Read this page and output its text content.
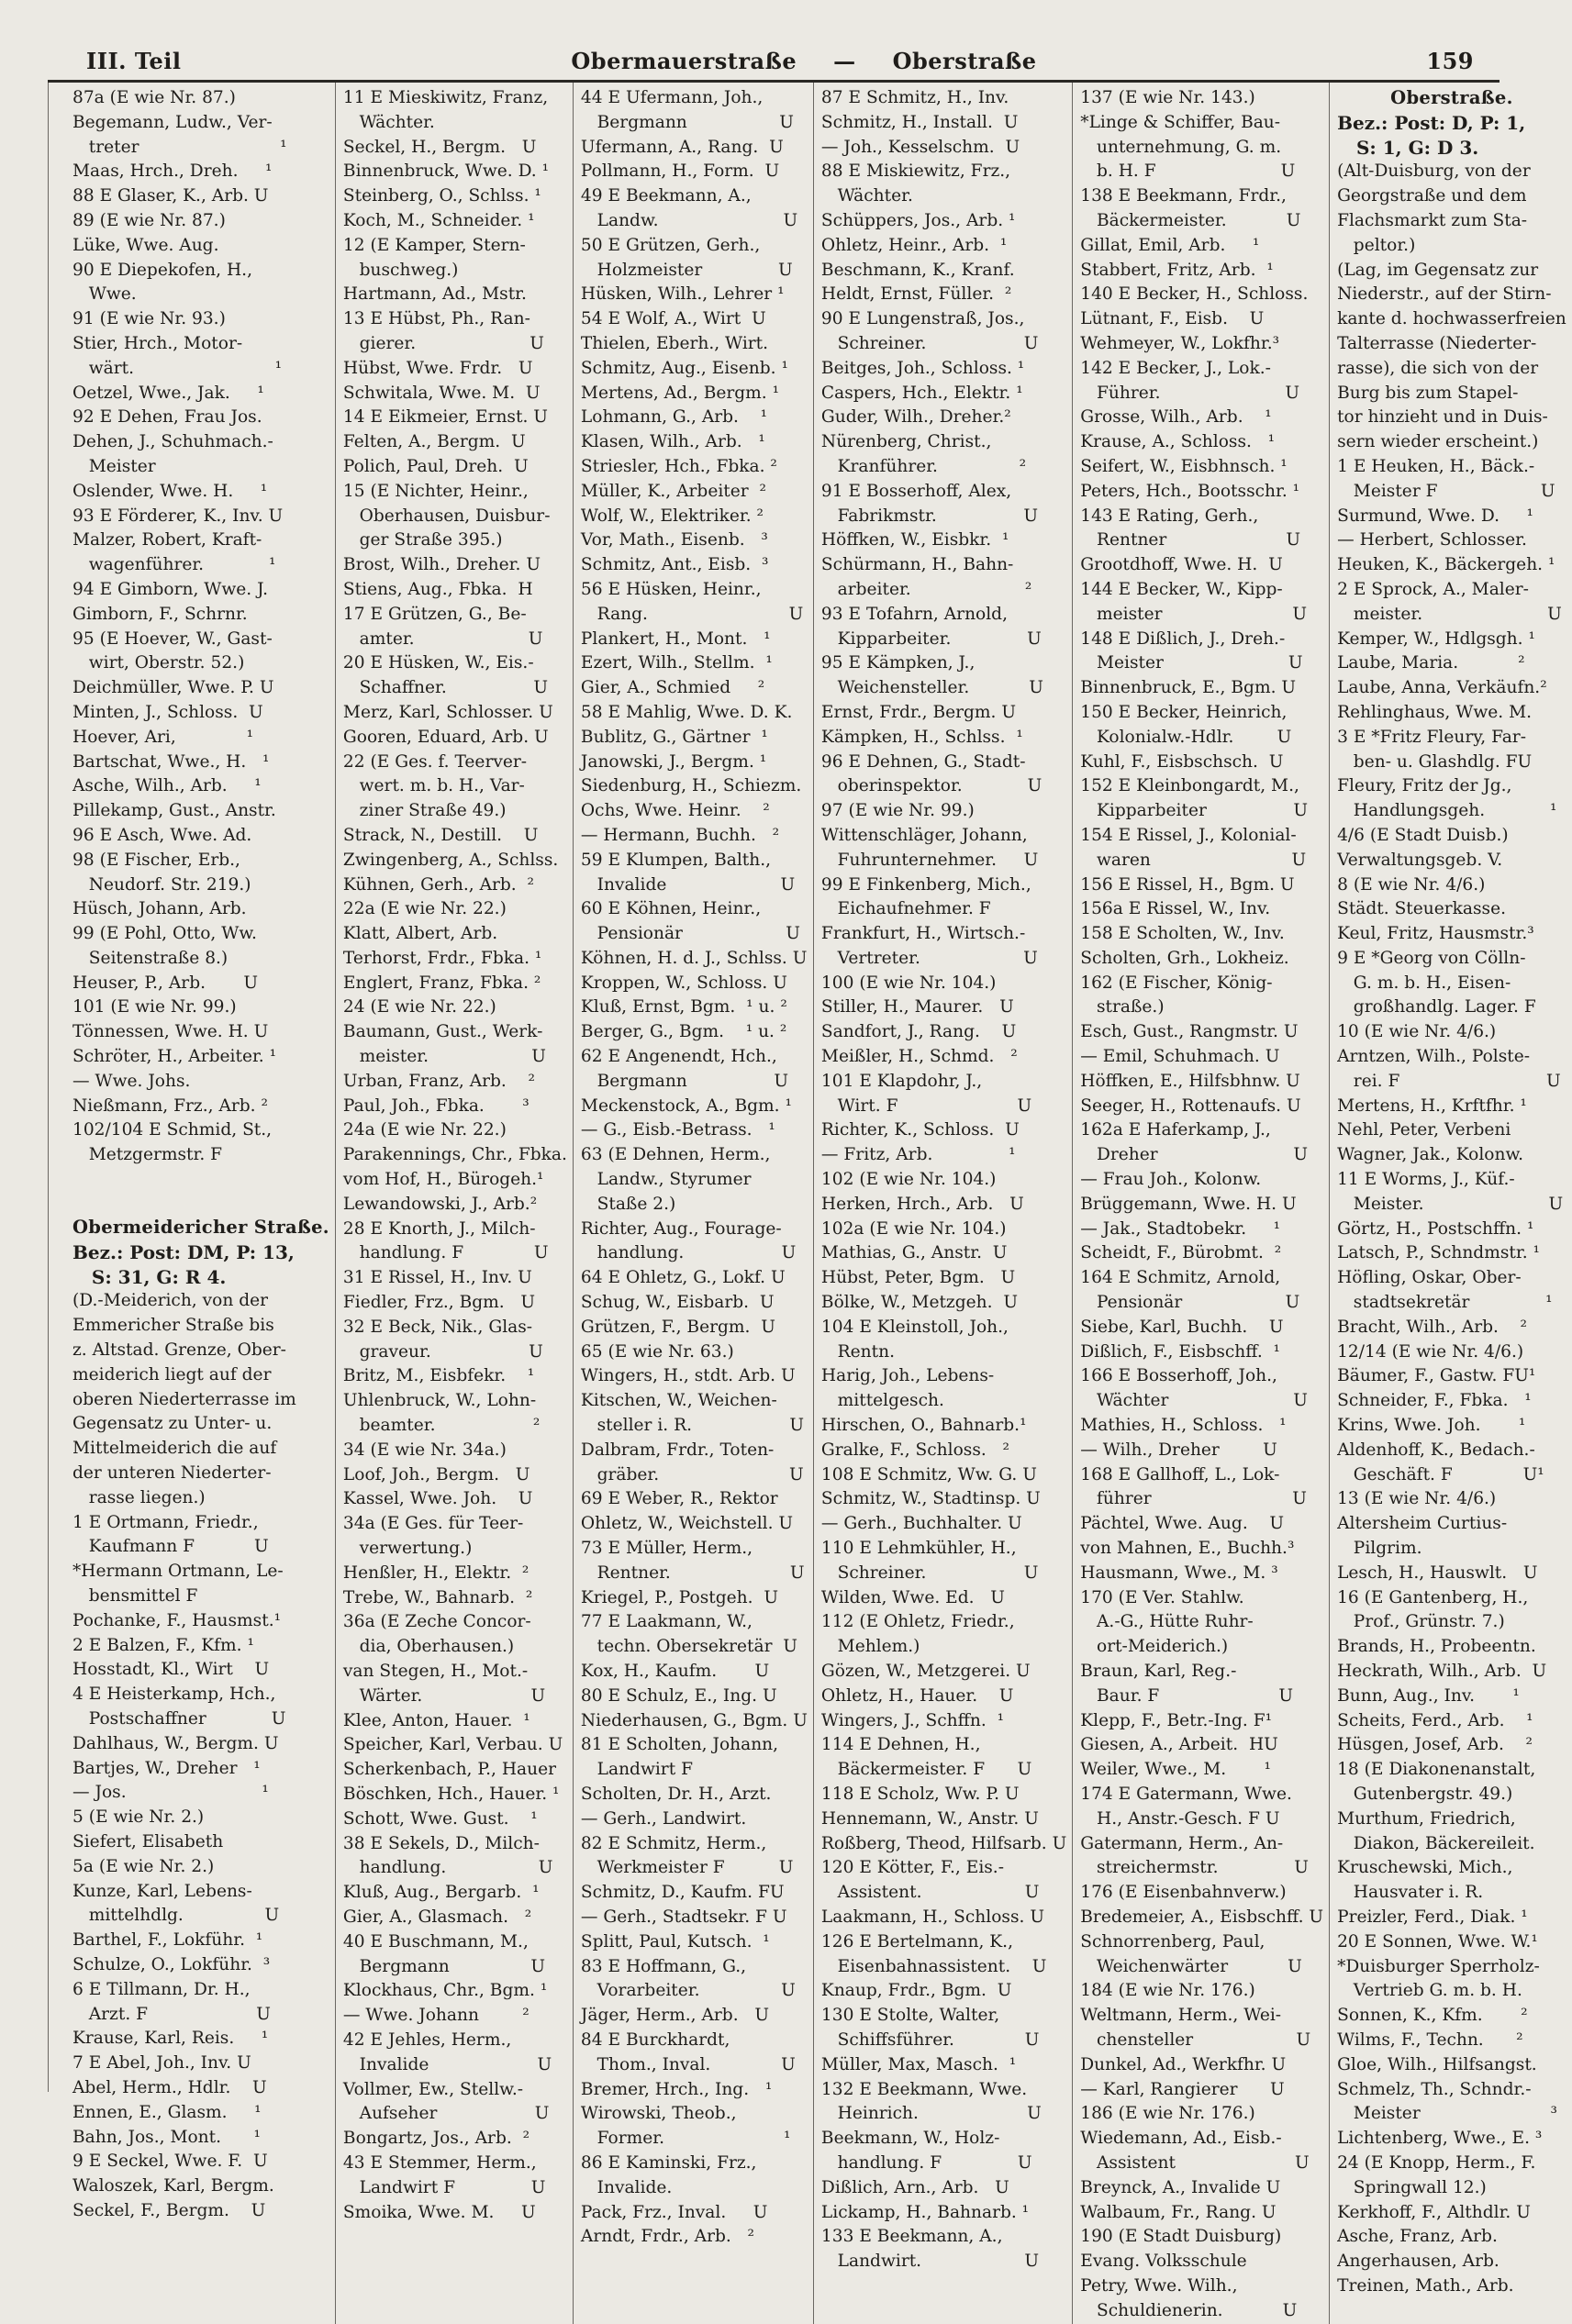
III. Teil	Obermauerstraße — Oberstraße	159
87a (E wie Nr. 87.)
Begemann, Ludw., Ver-
treter                          ¹
Maas, Hrch., Dreh.     ¹
88 E Glaser, K., Arb. U
89 (E wie Nr. 87.)
Lüke, Wwe. Aug.
90 E Diepekofen, H.,
Wwe.
91 (E wie Nr. 93.)
Stier, Hrch., Motor-
wärt.                          ¹
Oetzel, Wwe., Jak.     ¹
92 E Dehen, Frau Jos.
Dehen, J., Schuhmach.-
Meister
Oslender, Wwe. H.     ¹
93 E Förderer, K., Inv. U
Malzer, Robert, Kraft-
wagenführer.            ¹
94 E Gimborn, Wwe. J.
Gimborn, F., Schrnr.
95 (E Hoever, W., Gast-
wirt, Oberstr. 52.)
Deichmüller, Wwe. P. U
Minten, J., Schloss.  U
Hoever, Ari,             ¹
Bartschat, Wwe., H.   ¹
Asche, Wilh., Arb.     ¹
Pillekamp, Gust., Anstr.
96 E Asch, Wwe. Ad.
98 (E Fischer, Erb.,
Neudorf. Str. 219.)
Hüsch, Johann, Arb.
99 (E Pohl, Otto, Ww.
Seitenstraße 8.)
Heuser, P., Arb.       U
101 (E wie Nr. 99.)
Tönnessen, Wwe. H. U
Schröter, H., Arbeiter. ¹
— Wwe. Johs.
Nießmann, Frz., Arb. ²
102/104 E Schmid, St.,
Metzgermstr. F
Obermeidericher Straße.
Bez.: Post: DM, P: 13,
S: 31, G: R 4.
(D.-Meiderich, von der
Emmericher Straße bis
z. Altstad. Grenze, Ober-
meiderich liegt auf der
oberen Niederterrasse im
Gegensatz zu Unter- u.
Mittelmeiderich die auf
der unteren Niederter-
rasse liegen.)
1 E Ortmann, Friedr.,
Kaufmann F           U
*Hermann Ortmann, Le-
bensmittel F
Pochanke, F., Hausmst.¹
2 E Balzen, F., Kfm. ¹
Hosstadt, Kl., Wirt    U
4 E Heisterkamp, Hch.,
Postschaffner            U
Dahlhaus, W., Bergm. U
Bartjes, W., Dreher   ¹
— Jos.                         ¹
5 (E wie Nr. 2.)
Siefert, Elisabeth
5a (E wie Nr. 2.)
Kunze, Karl, Lebens-
mittelhdlg.               U
Barthel, F., Lokführ.  ¹
Schulze, O., Lokführ.  ³
6 E Tillmann, Dr. H.,
Arzt. F                    U
Krause, Karl, Reis.     ¹
7 E Abel, Joh., Inv. U
Abel, Herm., Hdlr.    U
Ennen, E., Glasm.     ¹
Bahn, Jos., Mont.      ¹
9 E Seckel, Wwe. F.  U
Waloszek, Karl, Bergm.
Seckel, F., Bergm.    U
11 E Mieskiwitz, Franz,
Wächter.
Seckel, H., Bergm.   U
Binnenbruck, Wwe. D. ¹
Steinberg, O., Schlss. ¹
Koch, M., Schneider. ¹
12 (E Kamper, Stern-
buschweg.)
Hartmann, Ad., Mstr.
13 E Hübst, Ph., Ran-
gierer.                     U
Hübst, Wwe. Frdr.   U
Schwitala, Wwe. M.  U
14 E Eikmeier, Ernst. U
Felten, A., Bergm.  U
Polich, Paul, Dreh.  U
15 (E Nichter, Heinr.,
Oberhausen, Duisbur-
ger Straße 395.)
Brost, Wilh., Dreher. U
Stiens, Aug., Fbka.  H
17 E Grützen, G., Be-
amter.                     U
20 E Hüsken, W., Eis.-
Schaffner.                U
Merz, Karl, Schlosser. U
Gooren, Eduard, Arb. U
22 (E Ges. f. Teerver-
wert. m. b. H., Var-
ziner Straße 49.)
Strack, N., Destill.    U
Zwingenberg, A., Schlss.
Kühnen, Gerh., Arb.  ²
22a (E wie Nr. 22.)
Klatt, Albert, Arb.
Terhorst, Frdr., Fbka. ¹
Englert, Franz, Fbka. ²
24 (E wie Nr. 22.)
Baumann, Gust., Werk-
meister.                   U
Urban, Franz, Arb.    ²
Paul, Joh., Fbka.       ³
24a (E wie Nr. 22.)
Parakennings, Chr., Fbka.
vom Hof, H., Bürogeh.¹
Lewandowski, J., Arb.²
28 E Knorth, J., Milch-
handlung. F             U
31 E Rissel, H., Inv. U
Fiedler, Frz., Bgm.   U
32 E Beck, Nik., Glas-
graveur.                  U
Britz, M., Eisbfekr.    ¹
Uhlenbruck, W., Lohn-
beamter.                  ²
34 (E wie Nr. 34a.)
Loof, Joh., Bergm.   U
Kassel, Wwe. Joh.    U
34a (E Ges. für Teer-
verwertung.)
Henßler, H., Elektr.  ²
Trebe, W., Bahnarb.  ²
36a (E Zeche Concor-
dia, Oberhausen.)
van Stegen, H., Mot.-
Wärter.                    U
Klee, Anton, Hauer.  ¹
Speicher, Karl, Verbau. U
Scherkenbach, P., Hauer
Böschken, Hch., Hauer. ¹
Schott, Wwe. Gust.    ¹
38 E Sekels, D., Milch-
handlung.                 U
Kluß, Aug., Bergarb.  ¹
Gier, A., Glasmach.   ²
40 E Buschmann, M.,
Bergmann               U
Klockhaus, Chr., Bgm. ¹
— Wwe. Johann        ²
42 E Jehles, Herm.,
Invalide                    U
Vollmer, Ew., Stellw.-
Aufseher                  U
Bongartz, Jos., Arb.  ²
43 E Stemmer, Herm.,
Landwirt F              U
Smoika, Wwe. M.     U
44 E Ufermann, Joh.,
Bergmann                 U
Ufermann, A., Rang.  U
Pollmann, H., Form.  U
49 E Beekmann, A.,
Landw.                       U
50 E Grützen, Gerh.,
Holzmeister              U
Hüsken, Wilh., Lehrer ¹
54 E Wolf, A., Wirt  U
Thielen, Eberh., Wirt.
Schmitz, Aug., Eisenb. ¹
Mertens, Ad., Bergm. ¹
Lohmann, G., Arb.    ¹
Klasen, Wilh., Arb.   ¹
Striesler, Hch., Fbka. ²
Müller, K., Arbeiter  ²
Wolf, W., Elektriker. ²
Vor, Math., Eisenb.   ³
Schmitz, Ant., Eisb.  ³
56 E Hüsken, Heinr.,
Rang.                          U
Plankert, H., Mont.   ¹
Ezert, Wilh., Stellm.  ¹
Gier, A., Schmied     ²
58 E Mahlig, Wwe. D. K.
Bublitz, G., Gärtner  ¹
Janowski, J., Bergm. ¹
Siedenburg, H., Schiezm.
Ochs, Wwe. Heinr.    ²
— Hermann, Buchh.   ²
59 E Klumpen, Balth.,
Invalide                     U
60 E Köhnen, Heinr.,
Pensionär                   U
Köhnen, H. d. J., Schlss. U
Kroppen, W., Schloss. U
Kluß, Ernst, Bgm.  ¹ u. ²
Berger, G., Bgm.    ¹ u. ²
62 E Angenendt, Hch.,
Bergmann                U
Meckenstock, A., Bgm. ¹
— G., Eisb.-Betrass.   ¹
63 (E Dehnen, Herm.,
Landw., Styrumer
Staße 2.)
Richter, Aug., Fourage-
handlung.                  U
64 E Ohletz, G., Lokf. U
Schug, W., Eisbarb.  U
Grützen, F., Bergm.  U
65 (E wie Nr. 63.)
Wingers, H., stdt. Arb. U
Kitschen, W., Weichen-
steller i. R.                  U
Dalbram, Frdr., Toten-
gräber.                        U
69 E Weber, R., Rektor
Ohletz, W., Weichstell. U
73 E Müller, Herm.,
Rentner.                      U
Kriegel, P., Postgeh.  U
77 E Laakmann, W.,
techn. Obersekretär  U
Kox, H., Kaufm.       U
80 E Schulz, E., Ing. U
Niederhausen, G., Bgm. U
81 E Scholten, Johann,
Landwirt F
Scholten, Dr. H., Arzt.
— Gerh., Landwirt.
82 E Schmitz, Herm.,
Werkmeister F          U
Schmitz, D., Kaufm. FU
— Gerh., Stadtsekr. F U
Splitt, Paul, Kutsch.  ¹
83 E Hoffmann, G.,
Vorarbeiter.               U
Jäger, Herm., Arb.   U
84 E Burckhardt,
Thom., Inval.             U
Bremer, Hrch., Ing.   ¹
Wirowski, Theob.,
Former.                      ¹
86 E Kaminski, Frz.,
Invalide.
Pack, Frz., Inval.     U
Arndt, Frdr., Arb.   ²
87 E Schmitz, H., Inv.
Schmitz, H., Install.  U
— Joh., Kesselschm.  U
88 E Miskiewitz, Frz.,
Wächter.
Schüppers, Jos., Arb. ¹
Ohletz, Heinr., Arb.  ¹
Beschmann, K., Kranf.
Heldt, Ernst, Füller.  ²
90 E Lungenstraß, Jos.,
Schreiner.                  U
Beitges, Joh., Schloss. ¹
Caspers, Hch., Elektr. ¹
Guder, Wilh., Dreher.²
Nürenberg, Christ.,
Kranführer.               ²
91 E Bosserhoff, Alex,
Fabrikmstr.                U
Höffken, W., Eisbkr.  ¹
Schürmann, H., Bahn-
arbeiter.                     ²
93 E Tofahrn, Arnold,
Kipparbeiter.              U
95 E Kämpken, J.,
Weichensteller.           U
Ernst, Frdr., Bergm. U
Kämpken, H., Schlss.  ¹
96 E Dehnen, G., Stadt-
oberinspektor.            U
97 (E wie Nr. 99.)
Wittenschläger, Johann,
Fuhrunternehmer.     U
99 E Finkenberg, Mich.,
Eichaufnehmer. F
Frankfurt, H., Wirtsch.-
Vertreter.                   U
100 (E wie Nr. 104.)
Stiller, H., Maurer.   U
Sandfort, J., Rang.    U
Meißler, H., Schmd.   ²
101 E Klapdohr, J.,
Wirt. F                      U
Richter, K., Schloss.  U
— Fritz, Arb.              ¹
102 (E wie Nr. 104.)
Herken, Hrch., Arb.   U
102a (E wie Nr. 104.)
Mathias, G., Anstr.  U
Hübst, Peter, Bgm.   U
Bölke, W., Metzgeh.  U
104 E Kleinstoll, Joh.,
Rentn.
Harig, Joh., Lebens-
mittelgesch.
Hirschen, O., Bahnarb.¹
Gralke, F., Schloss.   ²
108 E Schmitz, Ww. G. U
Schmitz, W., Stadtinsp. U
— Gerh., Buchhalter. U
110 E Lehmkühler, H.,
Schreiner.                  U
Wilden, Wwe. Ed.   U
112 (E Ohletz, Friedr.,
Mehlem.)
Gözen, W., Metzgerei. U
Ohletz, H., Hauer.    U
Wingers, J., Schffn.  ¹
114 E Dehnen, H.,
Bäckermeister. F      U
118 E Scholz, Ww. P. U
Hennemann, W., Anstr. U
Roßberg, Theod, Hilfsarb. U
120 E Kötter, F., Eis.-
Assistent.                   U
Laakmann, H., Schloss. U
126 E Bertelmann, K.,
Eisenbahnassistent.    U
Knaup, Frdr., Bgm.  U
130 E Stolte, Walter,
Schiffsführer.             U
Müller, Max, Masch.  ¹
132 E Beekmann, Wwe.
Heinrich.                    U
Beekmann, W., Holz-
handlung. F              U
Dißlich, Arn., Arb.   U
Lickamp, H., Bahnarb. ¹
133 E Beekmann, A.,
Landwirt.                   U
137 (E wie Nr. 143.)
*Linge & Schiffer, Bau-
unternehmung, G. m.
b. H. F                       U
138 E Beekmann, Frdr.,
Bäckermeister.           U
Gillat, Emil, Arb.     ¹
Stabbert, Fritz, Arb.  ¹
140 E Becker, H., Schloss.
Lütnant, F., Eisb.    U
Wehmeyer, W., Lokfhr.³
142 E Becker, J., Lok.-
Führer.                       U
Grosse, Wilh., Arb.    ¹
Krause, A., Schloss.   ¹
Seifert, W., Eisbhnsch. ¹
Peters, Hch., Bootsschr. ¹
143 E Rating, Gerh.,
Rentner                      U
Grootdhoff, Wwe. H.  U
144 E Becker, W., Kipp-
meister                        U
148 E Dißlich, J., Dreh.-
Meister                       U
Binnenbruck, E., Bgm. U
150 E Becker, Heinrich,
Kolonialw.-Hdlr.        U
Kuhl, F., Eisbschsch.  U
152 E Kleinbongardt, M.,
Kipparbeiter                U
154 E Rissel, J., Kolonial-
waren                          U
156 E Rissel, H., Bgm. U
156a E Rissel, W., Inv.
158 E Scholten, W., Inv.
Scholten, Grh., Lokheiz.
162 (E Fischer, König-
straße.)
Esch, Gust., Rangmstr. U
— Emil, Schuhmach. U
Höffken, E., Hilfsbhnw. U
Seeger, H., Rottenaufs. U
162a E Haferkamp, J.,
Dreher                         U
— Frau Joh., Kolonw.
Brüggemann, Wwe. H. U
— Jak., Stadtobekr.     ¹
Scheidt, F., Bürobmt.  ²
164 E Schmitz, Arnold,
Pensionär                   U
Siebe, Karl, Buchh.    U
Dißlich, F., Eisbschff.  ¹
166 E Bosserhoff, Joh.,
Wächter                       U
Mathies, H., Schloss.   ¹
— Wilh., Dreher        U
168 E Gallhoff, L., Lok-
führer                          U
Pächtel, Wwe. Aug.    U
von Mahnen, E., Buchh.³
Hausmann, Wwe., M. ³
170 (E Ver. Stahlw.
A.-G., Hütte Ruhr-
ort-Meiderich.)
Braun, Karl, Reg.-
Baur. F                      U
Klepp, F., Betr.-Ing. F¹
Giesen, A., Arbeit.  HU
Weiler, Wwe., M.       ¹
174 E Gatermann, Wwe.
H., Anstr.-Gesch. F U
Gatermann, Herm., An-
streichermstr.              U
176 (E Eisenbahnverw.)
Bredemeier, A., Eisbschff. U
Schnorrenberg, Paul,
Weichenwärter           U
184 (E wie Nr. 176.)
Weltmann, Herm., Wei-
chensteller                   U
Dunkel, Ad., Werkfhr. U
— Karl, Rangierer      U
186 (E wie Nr. 176.)
Wiedemann, Ad., Eisb.-
Assistent                      U
Breynck, A., Invalide U
Walbaum, Fr., Rang. U
190 (E Stadt Duisburg)
Evang. Volksschule
Petry, Wwe. Wilh.,
Schuldienerin.           U
Oberstraße.
Bez.: Post: D, P: 1,
S: 1, G: D 3.
(Alt-Duisburg, von der
Georgstraße und dem
Flachsmarkt zum Sta-
peltor.)
(Lag, im Gegensatz zur
Niederstr., auf der Stirn-
kante d. hochwasserfreien
Talterrasse (Niederter-
rasse), die sich von der
Burg bis zum Stapel-
tor hinzieht und in Duis-
sern wieder erscheint.)
1 E Heuken, H., Bäck.-
Meister F                   U
Surmund, Wwe. D.     ¹
— Herbert, Schlosser.
Heuken, K., Bäckergeh. ¹
2 E Sprock, A., Maler-
meister.                       U
Kemper, W., Hdlgsgh. ¹
Laube, Maria.           ²
Laube, Anna, Verkäufn.²
Rehlinghaus, Wwe. M.
3 E *Fritz Fleury, Far-
ben- u. Glashdlg. FU
Fleury, Fritz der Jg.,
Handlungsgeh.            ¹
4/6 (E Stadt Duisb.)
Verwaltungsgeb. V.
8 (E wie Nr. 4/6.)
Städt. Steuerkasse.
Keul, Fritz, Hausmstr.³
9 E *Georg von Cölln-
G. m. b. H., Eisen-
großhandlg. Lager. F
10 (E wie Nr. 4/6.)
Arntzen, Wilh., Polste-
rei. F                           U
Mertens, H., Krftfhr. ¹
Nehl, Peter, Verbeni
Wagner, Jak., Kolonw.
11 E Worms, J., Küf.-
Meister.                       U
Görtz, H., Postschffn. ¹
Latsch, P., Schndmstr. ¹
Höfling, Oskar, Ober-
stadtsekretär              ¹
Bracht, Wilh., Arb.    ²
12/14 (E wie Nr. 4/6.)
Bäumer, F., Gastw. FU¹
Schneider, F., Fbka.   ¹
Krins, Wwe. Joh.       ¹
Aldenhoff, K., Bedach.-
Geschäft. F             U¹
13 (E wie Nr. 4/6.)
Altersheim Curtius-
Pilgrim.
Lesch, H., Hauswlt.   U
16 (E Gantenberg, H.,
Prof., Grünstr. 7.)
Brands, H., Probeentn.
Heckrath, Wilh., Arb.  U
Bunn, Aug., Inv.       ¹
Scheits, Ferd., Arb.    ¹
Hüsgen, Josef, Arb.    ²
18 (E Diakonenanstalt,
Gutenbergstr. 49.)
Murthum, Friedrich,
Diakon, Bäckereileit.
Kruschewski, Mich.,
Hausvater i. R.
Preizler, Ferd., Diak. ¹
20 E Sonnen, Wwe. W.¹
*Duisburger Sperrholz-
Vertrieb G. m. b. H.
Sonnen, K., Kfm.       ²
Wilms, F., Techn.      ²
Gloe, Wilh., Hilfsangst.
Schmelz, Th., Schndr.-
Meister                        ³
Lichtenberg, Wwe., E. ³
24 (E Knopp, Herm., F.
Springwall 12.)
Kerkhoff, F., Althdlr. U
Asche, Franz, Arb.
Angerhausen, Arb.
Treinen, Math., Arb.
